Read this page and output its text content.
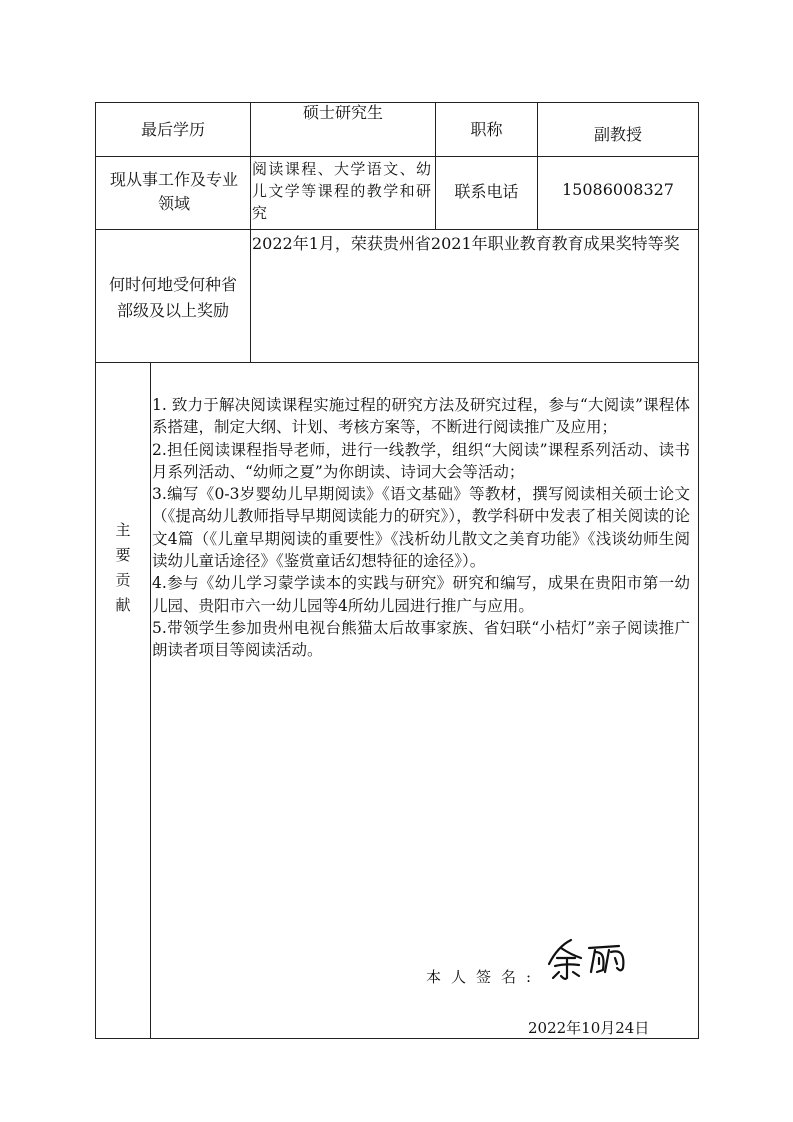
最后学历
硕士研究生
职称	副教授
现从事工作及专业领域
阅读课程、大学语文、幼儿文学等课程的教学和研究
联系电话	15086008327
何时何地受何种省部级及以上奖励
2022年1月，荣获贵州省2021年职业教育教育成果奖特等奖
主
要
贡
献

1. 致力于解决阅读课程实施过程的研究方法及研究过程，参与“大阅读”课程体系搭建，制定大纲、计划、考核方案等，不断进行阅读推广及应用；

2.担任阅读课程指导老师，进行一线教学，组织“大阅读”课程系列活动、读书月系列活动、“幼师之夏”为你朗读、诗词大会等活动；

3.编写《0-3岁婴幼儿早期阅读》《语文基础》等教材，撰写阅读相关硕士论文（《提高幼儿教师指导早期阅读能力的研究》），教学科研中发表了相关阅读的论文4篇（《儿童早期阅读的重要性》《浅析幼儿散文之美育功能》《浅谈幼师生阅读幼儿童话途径》《鉴赏童话幻想特征的途径》）。

4.参与《幼儿学习蒙学读本的实践与研究》研究和编写，成果在贵阳市第一幼儿园、贵阳市六一幼儿园等4所幼儿园进行推广与应用。

5.带领学生参加贵州电视台熊猫太后故事家族、省妇联“小桔灯”亲子阅读推广朗读者项目等阅读活动。

本人签名:
2022年10月24日
